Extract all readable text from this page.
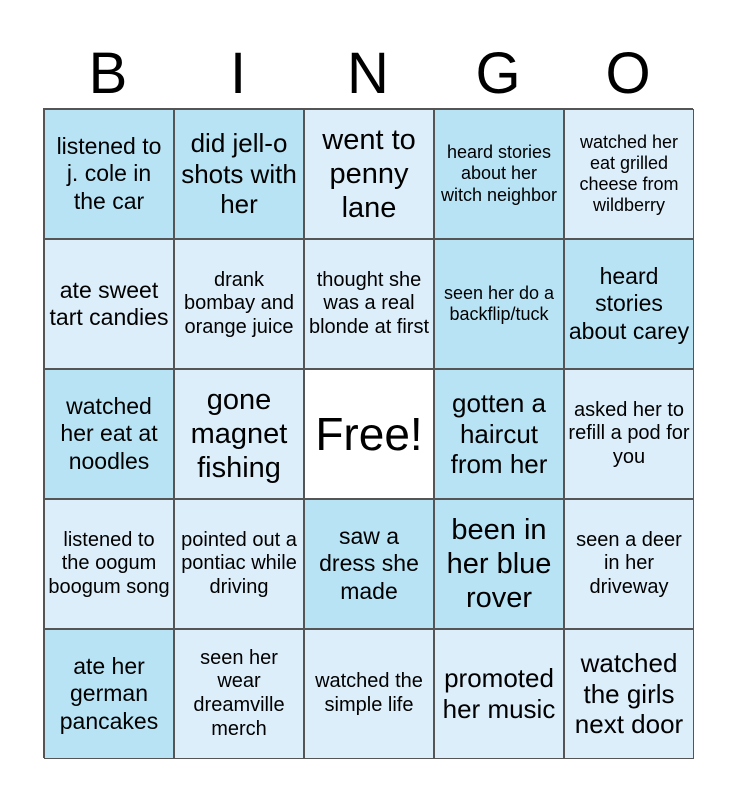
B	I	N	G	O
listened to j. cole in the car
did jell-o shots with her
went to penny lane
heard stories about her witch neighbor
watched her eat grilled cheese from wildberry
ate sweet tart candies
drank bombay and orange juice
thought she was a real blonde at first
seen her do a backflip/tuck
heard stories about carey
watched her eat at noodles
gone magnet fishing
Free!
gotten a haircut from her
asked her to refill a pod for you
listened to the oogum boogum song
pointed out a pontiac while driving
saw a dress she made
been in her blue rover
seen a deer in her driveway
ate her german pancakes
seen her wear dreamville merch
watched the simple life
promoted her music
watched the girls next door
